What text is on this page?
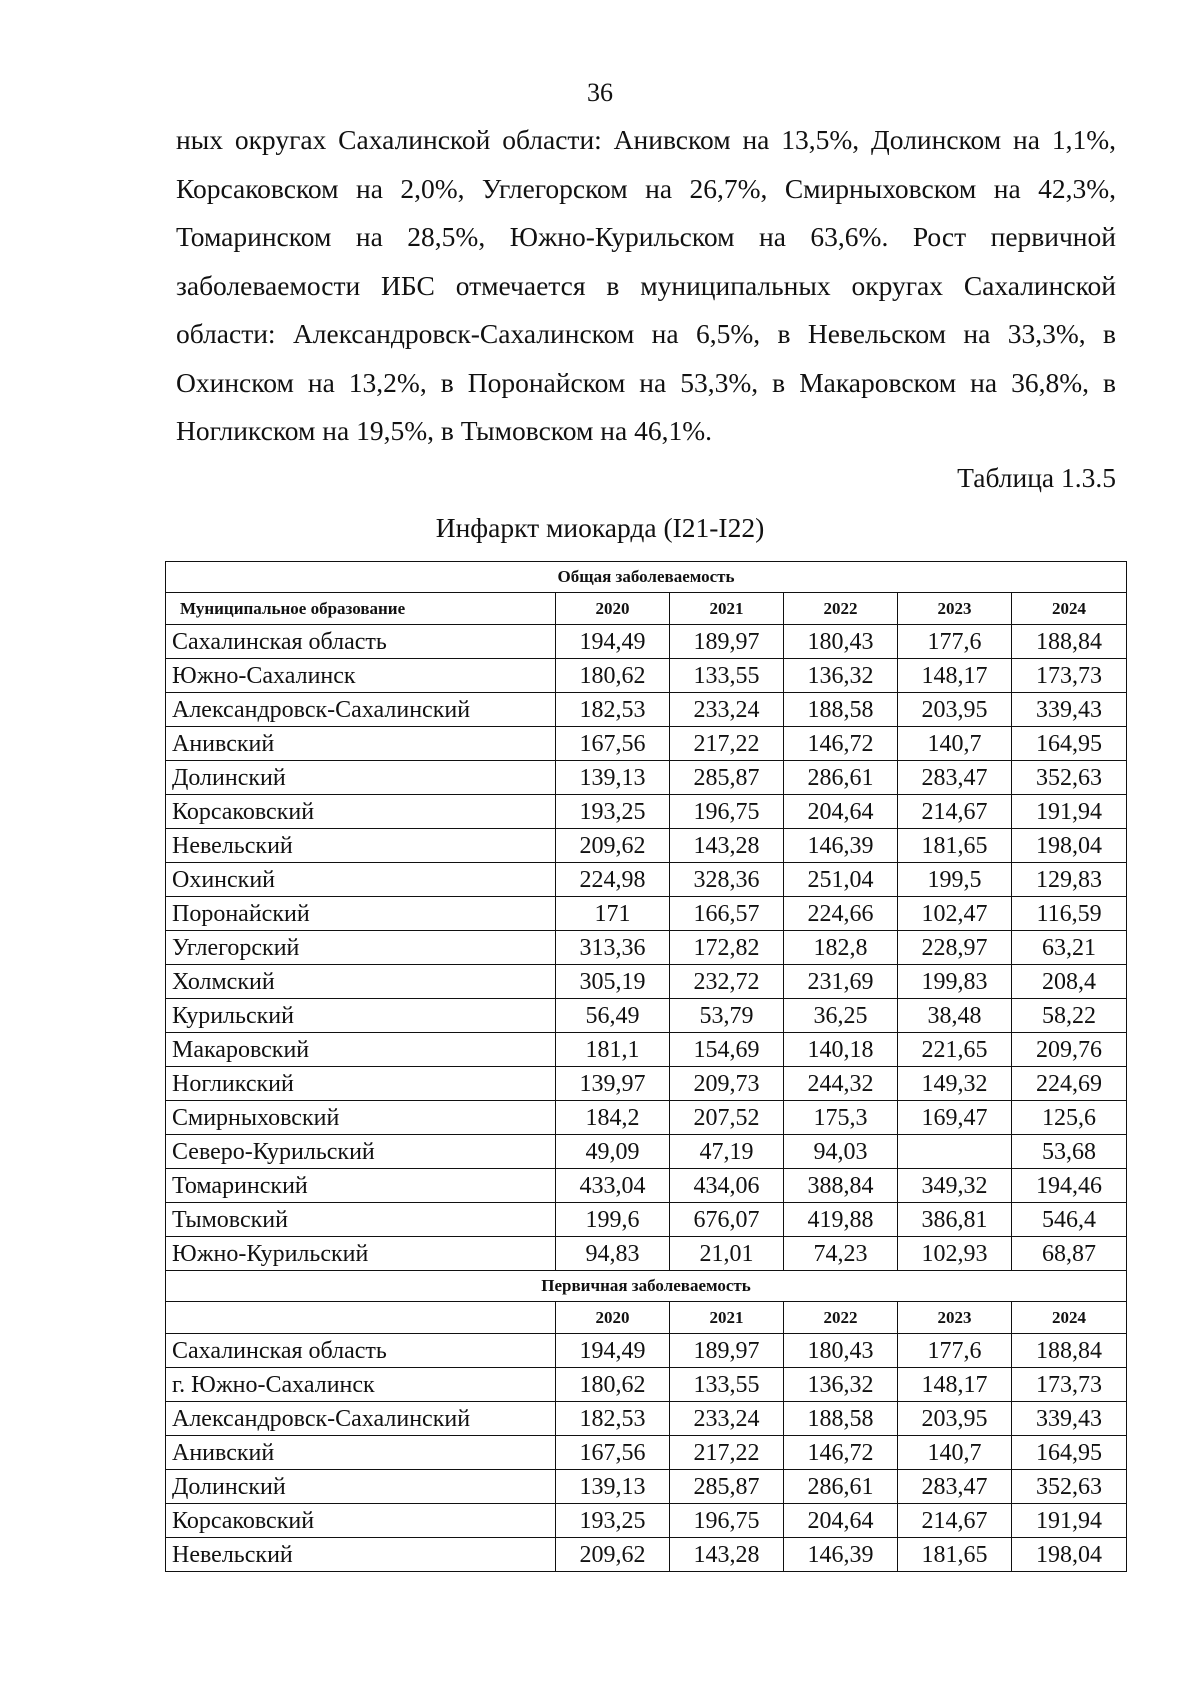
36
ных округах Сахалинской области: Анивском на 13,5%, Долинском на 1,1%, Корсаковском на 2,0%, Углегорском на 26,7%, Смирныховском на 42,3%, Томаринском на 28,5%, Южно-Курильском на 63,6%. Рост первичной заболеваемости ИБС отмечается в муниципальных округах Сахалинской области: Александровск-Сахалинском на 6,5%, в Невельском на 33,3%, в Охинском на 13,2%, в Поронайском на 53,3%, в Макаровском на 36,8%, в Ногликском на 19,5%, в Тымовском на 46,1%.
Таблица 1.3.5
Инфаркт миокарда (I21-I22)
Общая заболеваемость					
Муниципальное образование	2020	2021	2022	2023	2024
Сахалинская область	194,49	189,97	180,43	177,6	188,84
Южно-Сахалинск	180,62	133,55	136,32	148,17	173,73
Александровск-Сахалинский	182,53	233,24	188,58	203,95	339,43
Анивский	167,56	217,22	146,72	140,7	164,95
Долинский	139,13	285,87	286,61	283,47	352,63
Корсаковский	193,25	196,75	204,64	214,67	191,94
Невельский	209,62	143,28	146,39	181,65	198,04
Охинский	224,98	328,36	251,04	199,5	129,83
Поронайский	171	166,57	224,66	102,47	116,59
Углегорский	313,36	172,82	182,8	228,97	63,21
Холмский	305,19	232,72	231,69	199,83	208,4
Курильский	56,49	53,79	36,25	38,48	58,22
Макаровский	181,1	154,69	140,18	221,65	209,76
Ногликский	139,97	209,73	244,32	149,32	224,69
Смирныховский	184,2	207,52	175,3	169,47	125,6
Северо-Курильский	49,09	47,19	94,03		53,68
Томаринский	433,04	434,06	388,84	349,32	194,46
Тымовский	199,6	676,07	419,88	386,81	546,4
Южно-Курильский	94,83	21,01	74,23	102,93	68,87
Первичная заболеваемость					
	2020	2021	2022	2023	2024
Сахалинская область	194,49	189,97	180,43	177,6	188,84
г. Южно-Сахалинск	180,62	133,55	136,32	148,17	173,73
Александровск-Сахалинский	182,53	233,24	188,58	203,95	339,43
Анивский	167,56	217,22	146,72	140,7	164,95
Долинский	139,13	285,87	286,61	283,47	352,63
Корсаковский	193,25	196,75	204,64	214,67	191,94
Невельский	209,62	143,28	146,39	181,65	198,04
